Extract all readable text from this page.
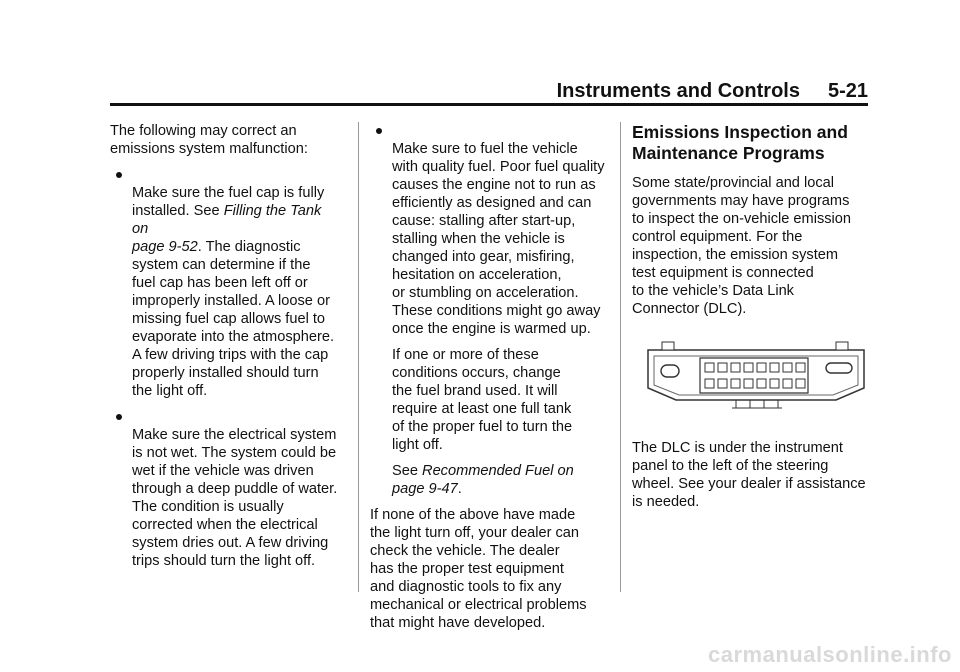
Instruments and Controls 5-21

The following may correct an
emissions system malfunction:

Make sure the fuel cap is fully
installed. See Filling the Tank on
page 9-52. The diagnostic
system can determine if the
fuel cap has been left off or
improperly installed. A loose or
missing fuel cap allows fuel to
evaporate into the atmosphere.
A few driving trips with the cap
properly installed should turn
the light off.

Make sure the electrical system
is not wet. The system could be
wet if the vehicle was driven
through a deep puddle of water.
The condition is usually
corrected when the electrical
system dries out. A few driving
trips should turn the light off.

Make sure to fuel the vehicle
with quality fuel. Poor fuel quality
causes the engine not to run as
efficiently as designed and can
cause: stalling after start-up,
stalling when the vehicle is
changed into gear, misfiring,
hesitation on acceleration,
or stumbling on acceleration.
These conditions might go away
once the engine is warmed up.

If one or more of these
conditions occurs, change
the fuel brand used. It will
require at least one full tank
of the proper fuel to turn the
light off.

See Recommended Fuel on
page 9-47.

If none of the above have made
the light turn off, your dealer can
check the vehicle. The dealer
has the proper test equipment
and diagnostic tools to fix any
mechanical or electrical problems
that might have developed.

Emissions Inspection and
Maintenance Programs

Some state/provincial and local
governments may have programs
to inspect the on-vehicle emission
control equipment. For the
inspection, the emission system
test equipment is connected
to the vehicle’s Data Link
Connector (DLC).

The DLC is under the instrument
panel to the left of the steering
wheel. See your dealer if assistance
is needed.

carmanualsonline.info
